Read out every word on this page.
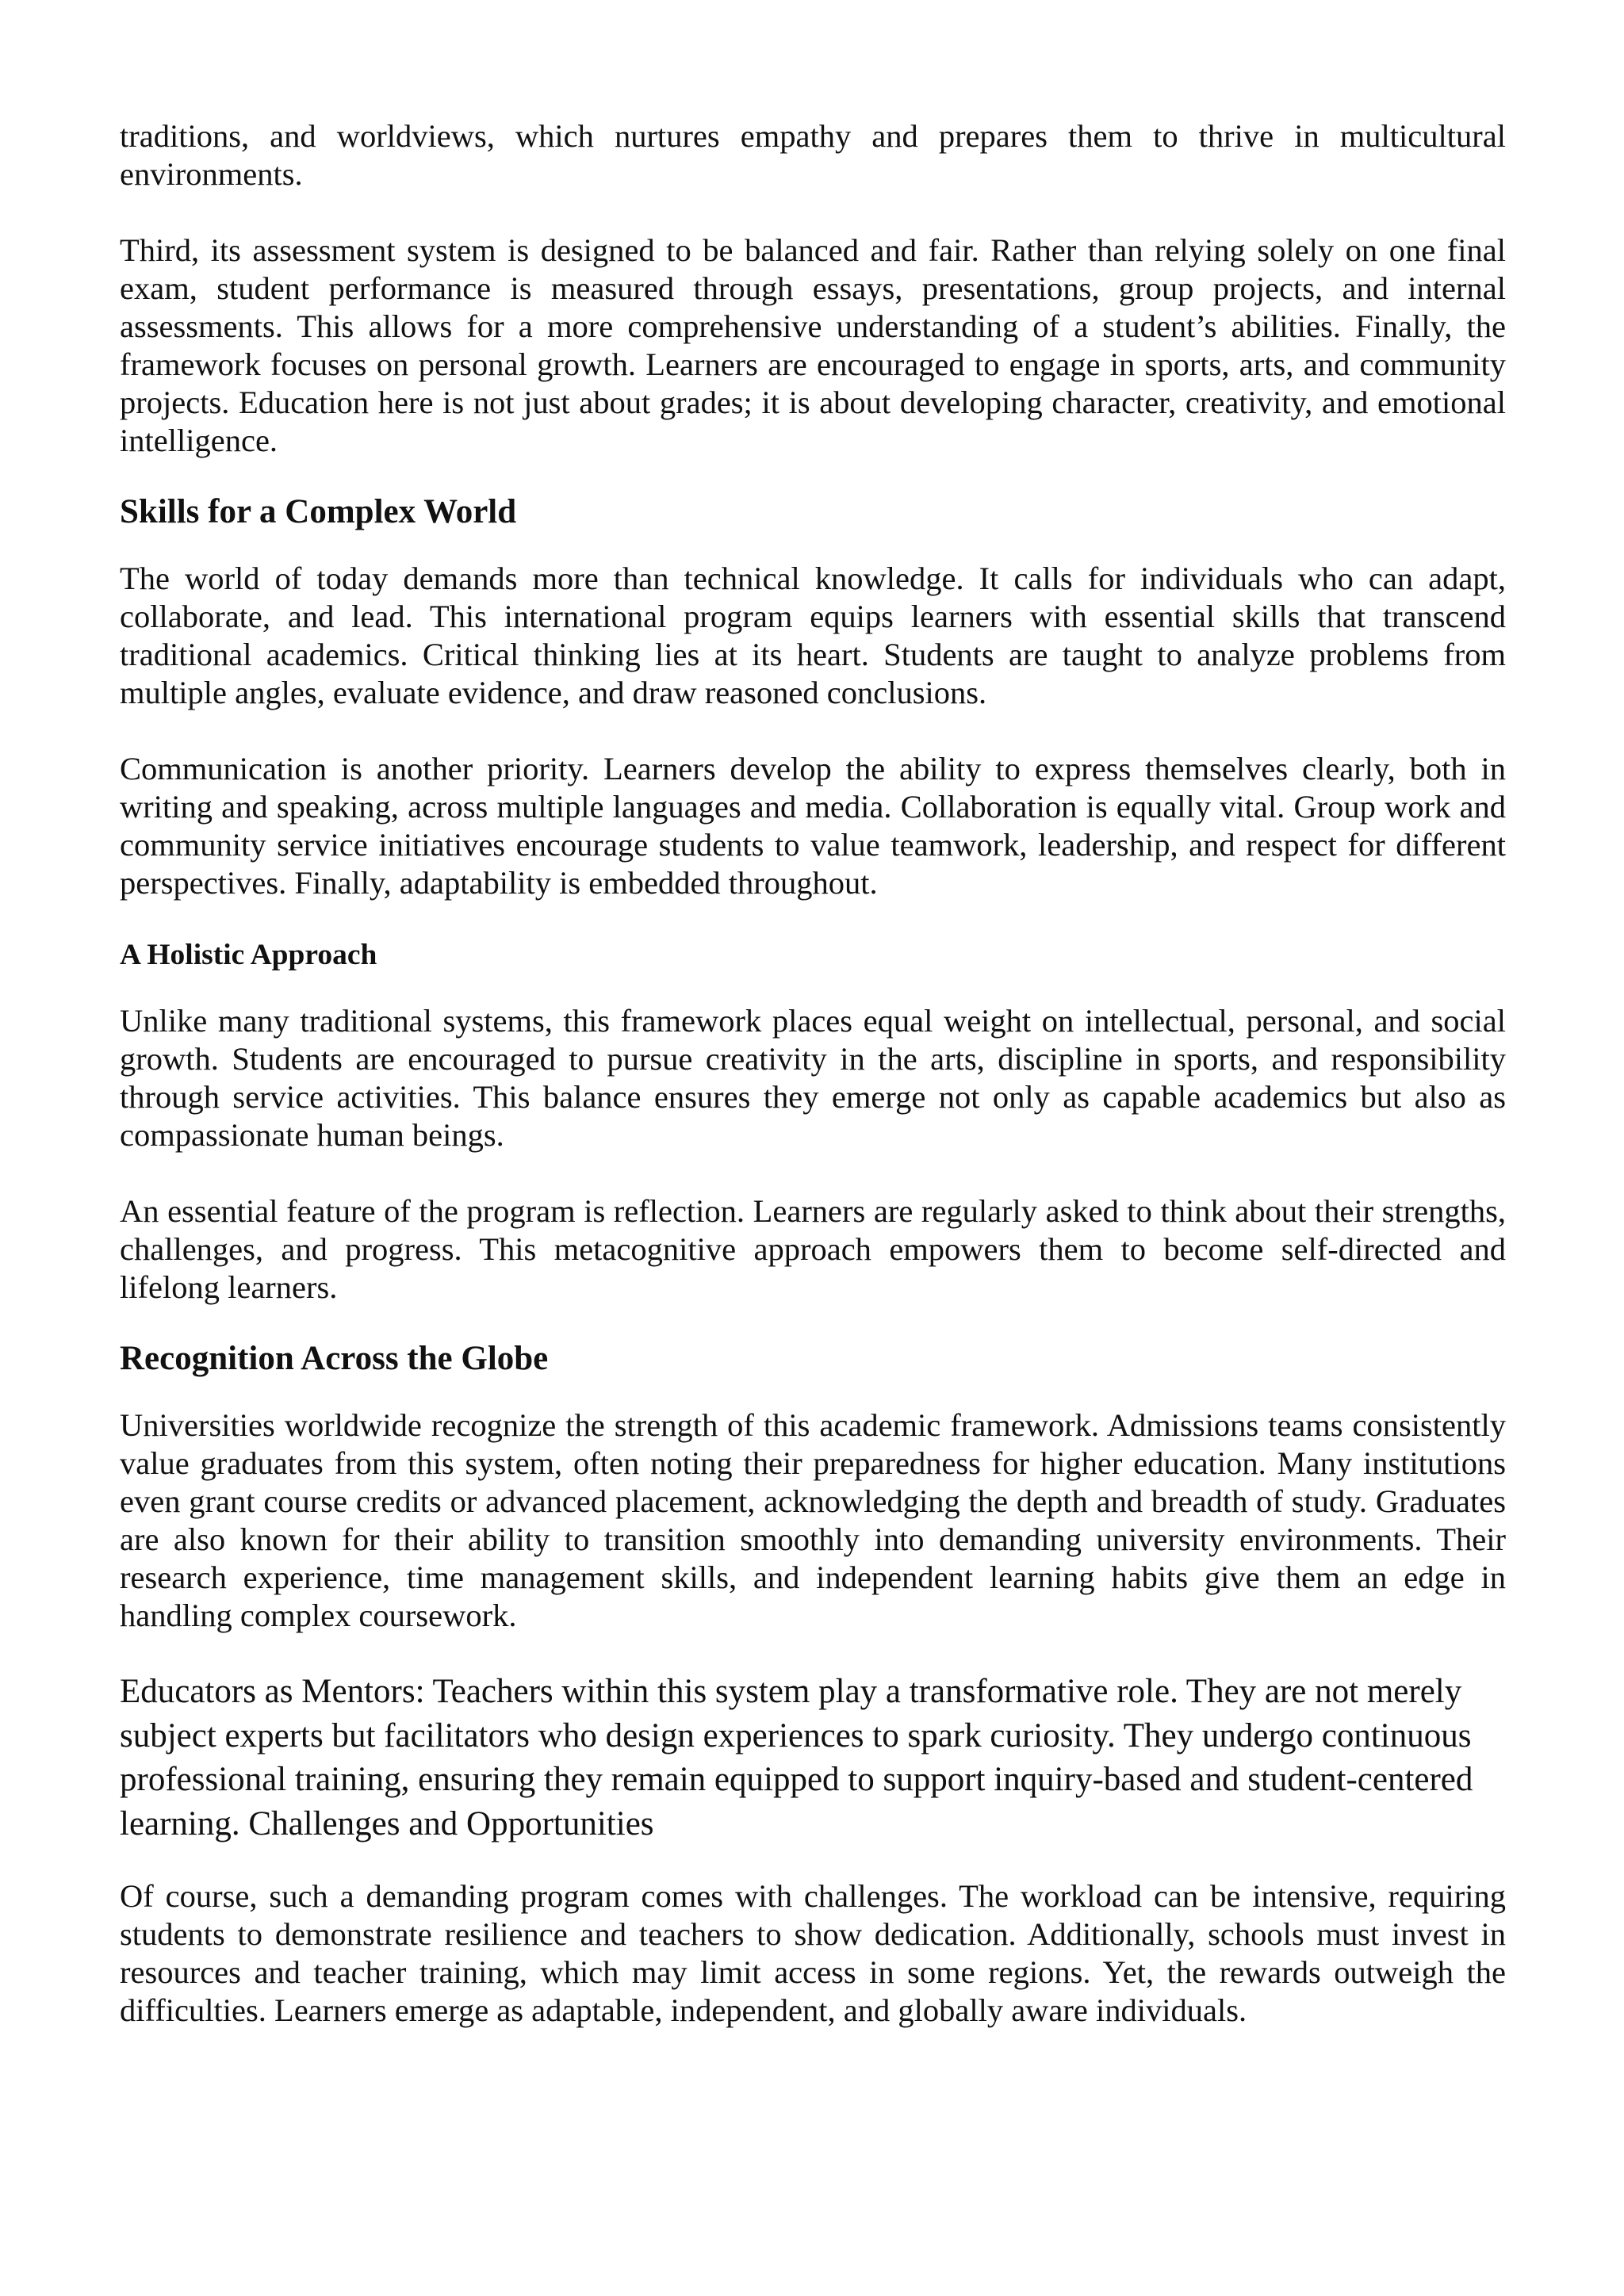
traditions, and worldviews, which nurtures empathy and prepares them to thrive in multicultural environments.

Third, its assessment system is designed to be balanced and fair. Rather than relying solely on one final exam, student performance is measured through essays, presentations, group projects, and internal assessments. This allows for a more comprehensive understanding of a student’s abilities. Finally, the framework focuses on personal growth. Learners are encouraged to engage in sports, arts, and community projects. Education here is not just about grades; it is about developing character, creativity, and emotional intelligence.

Skills for a Complex World

The world of today demands more than technical knowledge. It calls for individuals who can adapt, collaborate, and lead. This international program equips learners with essential skills that transcend traditional academics. Critical thinking lies at its heart. Students are taught to analyze problems from multiple angles, evaluate evidence, and draw reasoned conclusions.

Communication is another priority. Learners develop the ability to express themselves clearly, both in writing and speaking, across multiple languages and media. Collaboration is equally vital. Group work and community service initiatives encourage students to value teamwork, leadership, and respect for different perspectives. Finally, adaptability is embedded throughout.

A Holistic Approach

Unlike many traditional systems, this framework places equal weight on intellectual, personal, and social growth. Students are encouraged to pursue creativity in the arts, discipline in sports, and responsibility through service activities. This balance ensures they emerge not only as capable academics but also as compassionate human beings.

An essential feature of the program is reflection. Learners are regularly asked to think about their strengths, challenges, and progress. This metacognitive approach empowers them to become self-directed and lifelong learners.

Recognition Across the Globe

Universities worldwide recognize the strength of this academic framework. Admissions teams consistently value graduates from this system, often noting their preparedness for higher education. Many institutions even grant course credits or advanced placement, acknowledging the depth and breadth of study. Graduates are also known for their ability to transition smoothly into demanding university environments. Their research experience, time management skills, and independent learning habits give them an edge in handling complex coursework.

Educators as Mentors: Teachers within this system play a transformative role. They are not merely subject experts but facilitators who design experiences to spark curiosity. They undergo continuous professional training, ensuring they remain equipped to support inquiry-based and student-centered learning. Challenges and Opportunities

Of course, such a demanding program comes with challenges. The workload can be intensive, requiring students to demonstrate resilience and teachers to show dedication. Additionally, schools must invest in resources and teacher training, which may limit access in some regions. Yet, the rewards outweigh the difficulties. Learners emerge as adaptable, independent, and globally aware individuals.
